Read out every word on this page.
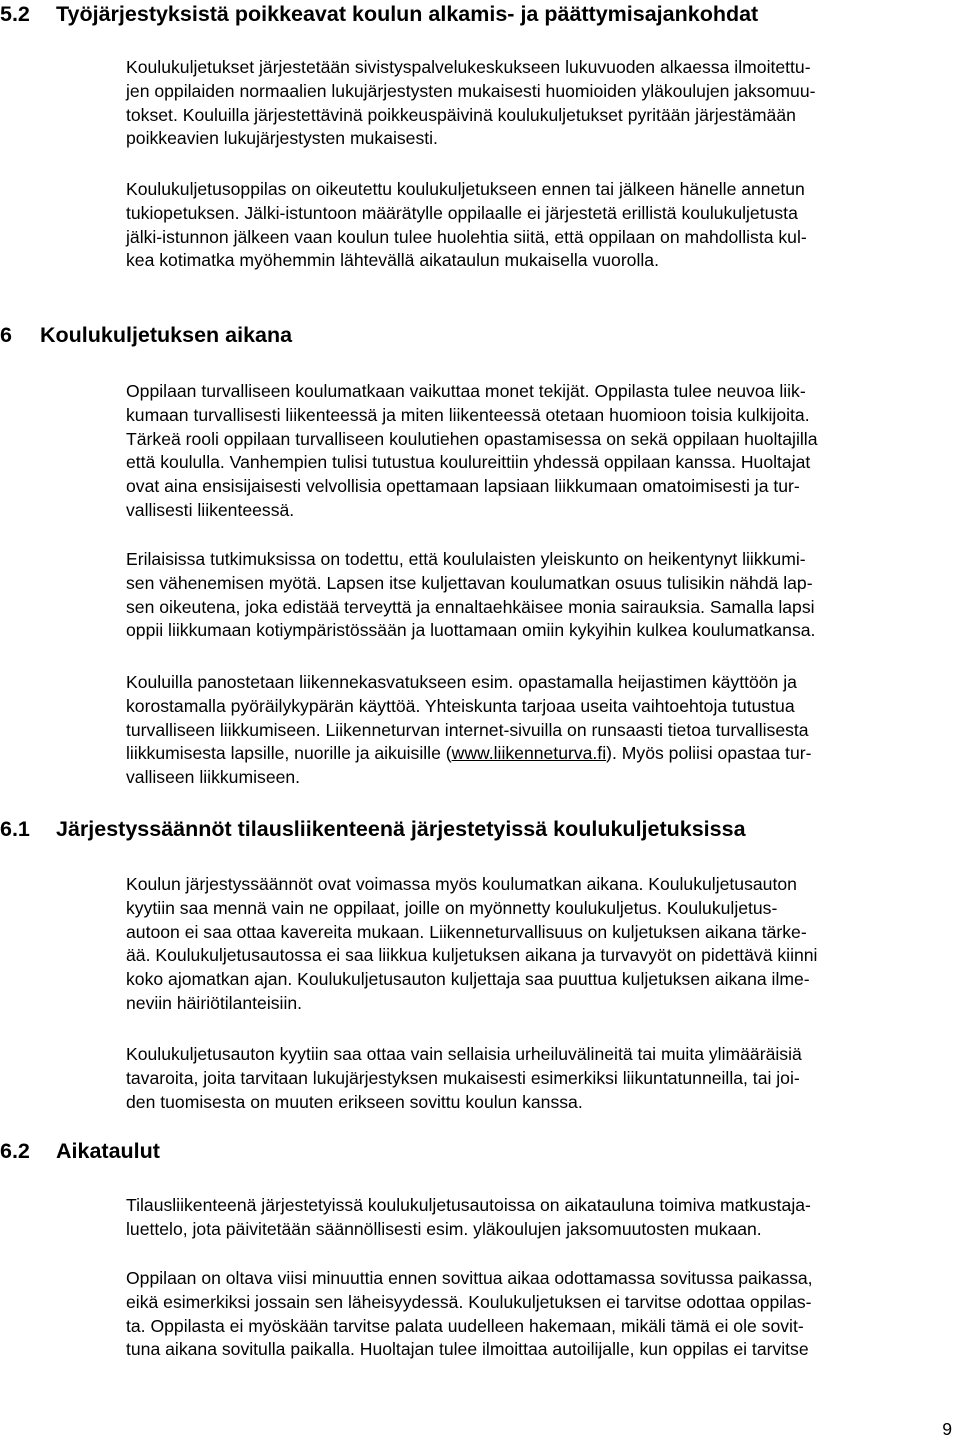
5.2 Työjärjestyksistä poikkeavat koulun alkamis- ja päättymisajankohdat

Koulukuljetukset järjestetään sivistyspalvelukeskukseen lukuvuoden alkaessa ilmoitettu-
jen oppilaiden normaalien lukujärjestysten mukaisesti huomioiden yläkoulujen jaksomuu-
tokset. Kouluilla järjestettävinä poikkeuspäivinä koulukuljetukset pyritään järjestämään
poikkeavien lukujärjestysten mukaisesti.

Koulukuljetusoppilas on oikeutettu koulukuljetukseen ennen tai jälkeen hänelle annetun
tukiopetuksen. Jälki-istuntoon määrätylle oppilaalle ei järjestetä erillistä koulukuljetusta
jälki-istunnon jälkeen vaan koulun tulee huolehtia siitä, että oppilaan on mahdollista kul-
kea kotimatka myöhemmin lähtevällä aikataulun mukaisella vuorolla.

6 Koulukuljetuksen aikana

Oppilaan turvalliseen koulumatkaan vaikuttaa monet tekijät. Oppilasta tulee neuvoa liik-
kumaan turvallisesti liikenteessä ja miten liikenteessä otetaan huomioon toisia kulkijoita.
Tärkeä rooli oppilaan turvalliseen koulutiehen opastamisessa on sekä oppilaan huoltajilla
että koululla. Vanhempien tulisi tutustua koulureittiin yhdessä oppilaan kanssa. Huoltajat
ovat aina ensisijaisesti velvollisia opettamaan lapsiaan liikkumaan omatoimisesti ja tur-
vallisesti liikenteessä.

Erilaisissa tutkimuksissa on todettu, että koululaisten yleiskunto on heikentynyt liikkumi-
sen vähenemisen myötä. Lapsen itse kuljettavan koulumatkan osuus tulisikin nähdä lap-
sen oikeutena, joka edistää terveyttä ja ennaltaehkäisee monia sairauksia. Samalla lapsi
oppii liikkumaan kotiympäristössään ja luottamaan omiin kykyihin kulkea koulumatkansa.

Kouluilla panostetaan liikennekasvatukseen esim. opastamalla heijastimen käyttöön ja
korostamalla pyöräilykypärän käyttöä. Yhteiskunta tarjoaa useita vaihtoehtoja tutustua
turvalliseen liikkumiseen. Liikenneturvan internet-sivuilla on runsaasti tietoa turvallisesta
liikkumisesta lapsille, nuorille ja aikuisille (www.liikenneturva.fi). Myös poliisi opastaa tur-
valliseen liikkumiseen.

6.1 Järjestyssäännöt tilausliikenteenä järjestetyissä koulukuljetuksissa

Koulun järjestyssäännöt ovat voimassa myös koulumatkan aikana. Koulukuljetusauton
kyytiin saa mennä vain ne oppilaat, joille on myönnetty koulukuljetus. Koulukuljetus-
autoon ei saa ottaa kavereita mukaan. Liikenneturvallisuus on kuljetuksen aikana tärke-
ää. Koulukuljetusautossa ei saa liikkua kuljetuksen aikana ja turvavyöt on pidettävä kiinni
koko ajomatkan ajan. Koulukuljetusauton kuljettaja saa puuttua kuljetuksen aikana ilme-
neviin häiriötilanteisiin.

Koulukuljetusauton kyytiin saa ottaa vain sellaisia urheiluvälineitä tai muita ylimääräisiä
tavaroita, joita tarvitaan lukujärjestyksen mukaisesti esimerkiksi liikuntatunneilla, tai joi-
den tuomisesta on muuten erikseen sovittu koulun kanssa.

6.2 Aikataulut

Tilausliikenteenä järjestetyissä koulukuljetusautoissa on aikatauluna toimiva matkustaja-
luettelo, jota päivitetään säännöllisesti esim. yläkoulujen jaksomuutosten mukaan.

Oppilaan on oltava viisi minuuttia ennen sovittua aikaa odottamassa sovitussa paikassa,
eikä esimerkiksi jossain sen läheisyydessä. Koulukuljetuksen ei tarvitse odottaa oppilas-
ta. Oppilasta ei myöskään tarvitse palata uudelleen hakemaan, mikäli tämä ei ole sovit-
tuna aikana sovitulla paikalla. Huoltajan tulee ilmoittaa autoilijalle, kun oppilas ei tarvitse

9
